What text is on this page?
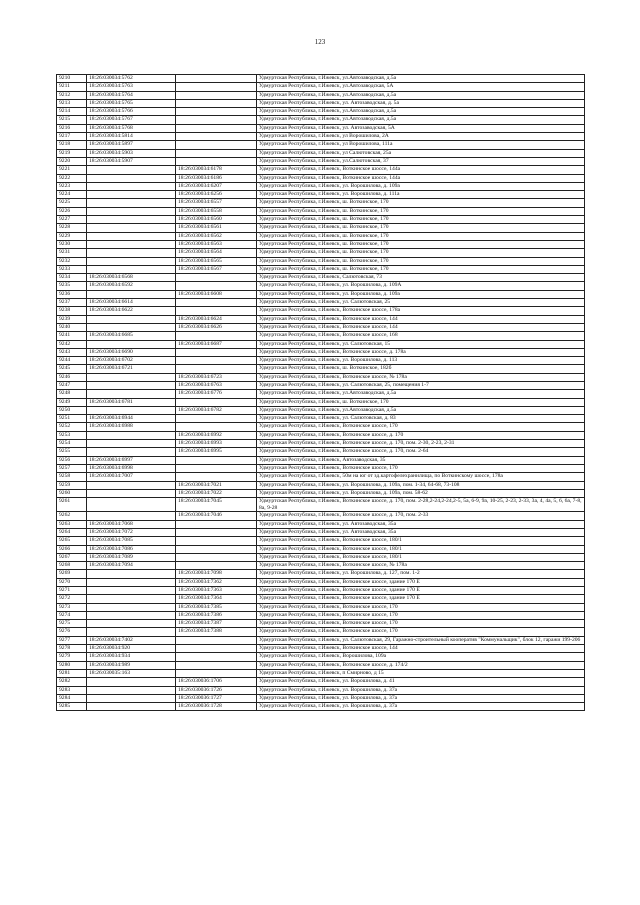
123
9210	18:26:030034:5762		Удмуртская Республика, г.Ижевск, ул.Автозаводская, д.5а
9211	18:26:030034:5763		Удмуртская Республика, г.Ижевск, ул.Автозаводская, 5А
9212	18:26:030034:5764		Удмуртская Республика, г.Ижевск, ул.Автозаводская, д.5а
9213	18:26:030034:5765		Удмуртская Республика, г.Ижевск, ул. Автозаводская, д. 5а
9214	18:26:030034:5766		Удмуртская Республика, г.Ижевск, ул.Автозаводская, д.5а
9215	18:26:030034:5767		Удмуртская Республика, г.Ижевск, ул.Автозаводская, д.5а
9216	18:26:030034:5768		Удмуртская Республика, г.Ижевск, ул. Автозаводская, 5А
9217	18:26:030034:5814		Удмуртская Республика, г.Ижевск, ул Ворошилова, 2А
9218	18:26:030034:5897		Удмуртская Республика, г.Ижевск, ул Ворошилова, 111а
9219	18:26:030034:5903		Удмуртская Республика, г.Ижевск, ул Салютовская, 25а
9220	18:26:030034:5907		Удмуртская Республика, г.Ижевск, ул.Салютовская, 37
9221		18:26:030034:6178	Удмуртская Республика, г.Ижевск, Воткинское шоссе, 144а
9222		18:26:030034:6186	Удмуртская Республика, г.Ижевск, Воткинское шоссе, 144а
9223		18:26:030034:6207	Удмуртская Республика, г.Ижевск, ул. Ворошилова, д. 109а
9224		18:26:030034:6256	Удмуртская Республика, г.Ижевск, ул. Ворошилова, д. 111а
9225		18:26:030034:6557	Удмуртская Республика, г.Ижевск, ш. Воткинское, 170
9226		18:26:030034:6558	Удмуртская Республика, г.Ижевск, ш. Воткинское, 170
9227		18:26:030034:6560	Удмуртская Республика, г.Ижевск, ш. Воткинское, 170
9228		18:26:030034:6561	Удмуртская Республика, г.Ижевск, ш. Воткинское, 170
9229		18:26:030034:6562	Удмуртская Республика, г.Ижевск, ш. Воткинское, 170
9230		18:26:030034:6563	Удмуртская Республика, г.Ижевск, ш. Воткинское, 170
9231		18:26:030034:6564	Удмуртская Республика, г.Ижевск, ш. Воткинское, 170
9232		18:26:030034:6565	Удмуртская Республика, г.Ижевск, ш. Воткинское, 170
9233		18:26:030034:6567	Удмуртская Республика, г.Ижевск, ш. Воткинское, 170
9234	18:26:030034:6568		Удмуртская Республика, г.Ижевск, Салютовская, 73
9235	18:26:030034:6592		Удмуртская Республика, г.Ижевск, ул. Ворошилова, д. 109А
9236		18:26:030034:6608	Удмуртская Республика, г.Ижевск, ул. Ворошилова, д. 109а
9237	18:26:030034:6614		Удмуртская Республика, г.Ижевск, ул. Салютовская, 25
9238	18:26:030034:6622		Удмуртская Республика, г.Ижевск, Воткинское шоссе, 178а
9239		18:26:030034:6624	Удмуртская Республика, г.Ижевск, Воткинское шоссе, 144
9240		18:26:030034:6626	Удмуртская Республика, г.Ижевск, Воткинское шоссе, 144
9241	18:26:030034:6685		Удмуртская Республика, г.Ижевск, Воткинское шоссе, 168
9242		18:26:030034:6687	Удмуртская Республика, г.Ижевск, ул. Салютовская, 15
9243	18:26:030034:6690		Удмуртская Республика, г.Ижевск, Воткинское шоссе, д. 178а
9244	18:26:030034:6702		Удмуртская Республика, г.Ижевск, ул. Ворошилова, д. 113
9245	18:26:030034:6721		Удмуртская Республика, г.Ижевск, ш. Воткинское, 182б
9246		18:26:030034:6723	Удмуртская Республика, г.Ижевск, Воткинское шоссе, № 178а
9247		18:26:030034:6763	Удмуртская Республика, г.Ижевск, ул. Салютовская, 25, помещения 1-7
9248		18:26:030034:6776	Удмуртская Республика, г.Ижевск, ул.Автозаводская, д.5а
9249	18:26:030034:6781		Удмуртская Республика, г.Ижевск, ш. Воткинское, 170
9250		18:26:030034:6782	Удмуртская Республика, г.Ижевск, ул.Автозаводская, д.5а
9251	18:26:030034:6944		Удмуртская Республика, г.Ижевск, ул. Салютовская, д. 83
9252	18:26:030034:6988		Удмуртская Республика, г.Ижевск, Воткинское шоссе, 170
9253		18:26:030034:6992	Удмуртская Республика, г.Ижевск, Воткинское шоссе, д. 170
9254		18:26:030034:6993	Удмуртская Республика, г.Ижевск, Воткинское шоссе, д. 170, пом. 2-30, 2-23, 2-31
9255		18:26:030034:6995	Удмуртская Республика, г.Ижевск, Воткинское шоссе, д. 170, пом. 2-64
9256	18:26:030034:6997		Удмуртская Республика, г.Ижевск, Автозаводская, 35
9257	18:26:030034:6998		Удмуртская Республика, г.Ижевск, Воткинское шоссе, 170
9258	18:26:030034:7007		Удмуртская Республика, г.Ижевск, 50м на юг от зд.картофелехранилища, по Воткинскому шоссе, 178а
9259		18:26:030034:7021	Удмуртская Республика, г.Ижевск, ул. Ворошилова, д. 109а, пом. 1-34, 64-68, 73-108
9260		18:26:030034:7022	Удмуртская Республика, г.Ижевск, ул. Ворошилова, д. 109а, пом. 58-62
9261		18:26:030034:7045	Удмуртская Республика, г.Ижевск, Воткинское шоссе, д. 170, пом. 2-28,2-24,2-24,2-5, 5а, 6-9, 9а, 10-25, 2-23, 2-33, 3а, 4, 4а, 5, 6, 6а, 7-8, 8а, 9-28
9262		18:26:030034:7046	Удмуртская Республика, г.Ижевск, Воткинское шоссе, д. 170, пом. 2-33
9263	18:26:030034:7068		Удмуртская Республика, г.Ижевск, ул. Автозаводская, 35а
9264	18:26:030034:7072		Удмуртская Республика, г.Ижевск, ул. Автозаводская, 35а
9265	18:26:030034:7085		Удмуртская Республика, г.Ижевск, Воткинское шоссе, 180/1
9266	18:26:030034:7086		Удмуртская Республика, г.Ижевск, Воткинское шоссе, 180/1
9267	18:26:030034:7089		Удмуртская Республика, г.Ижевск, Воткинское шоссе, 180/1
9268	18:26:030034:7094		Удмуртская Республика, г.Ижевск, Воткинское шоссе, № 178а
9269		18:26:030034:7098	Удмуртская Республика, г.Ижевск, ул. Ворошилова, д. 127, пом. 1-2
9270		18:26:030034:7362	Удмуртская Республика, г.Ижевск, Воткинское шоссе, здание 170 Е
9271		18:26:030034:7363	Удмуртская Республика, г.Ижевск, Воткинское шоссе, здание 170 Е
9272		18:26:030034:7364	Удмуртская Республика, г.Ижевск, Воткинское шоссе, здание 170 Е
9273		18:26:030034:7385	Удмуртская Республика, г.Ижевск, Воткинское шоссе, 170
9274		18:26:030034:7386	Удмуртская Республика, г.Ижевск, Воткинское шоссе, 170
9275		18:26:030034:7387	Удмуртская Республика, г.Ижевск, Воткинское шоссе, 170
9276		18:26:030034:7388	Удмуртская Республика, г.Ижевск, Воткинское шоссе, 170
9277	18:26:030034:7402		Удмуртская Республика, г.Ижевск, ул. Салютовская, 29, Гаражно-строительный кооператив "Коммунальщик", блок 12, гаражи 199-206
9278	18:26:030034:920		Удмуртская Республика, г.Ижевск, Воткинское шоссе, 144
9279	18:26:030034:934		Удмуртская Республика, г.Ижевск, Ворошилова, 109а
9280	18:26:030034:989		Удмуртская Республика, г.Ижевск, Воткинское шоссе, д. 174/2
9281	18:26:030035:163		Удмуртская Республика, г.Ижевск, п Смирново, д 15
9282		18:26:030036:1706	Удмуртская Республика, г.Ижевск, ул. Ворошилова, д. 41
9283		18:26:030036:1726	Удмуртская Республика, г.Ижевск, ул. Ворошилова, д. 37а
9284		18:26:030036:1727	Удмуртская Республика, г.Ижевск, ул. Ворошилова, д. 37а
9285		18:26:030036:1728	Удмуртская Республика, г.Ижевск, ул. Ворошилова, д. 37а
